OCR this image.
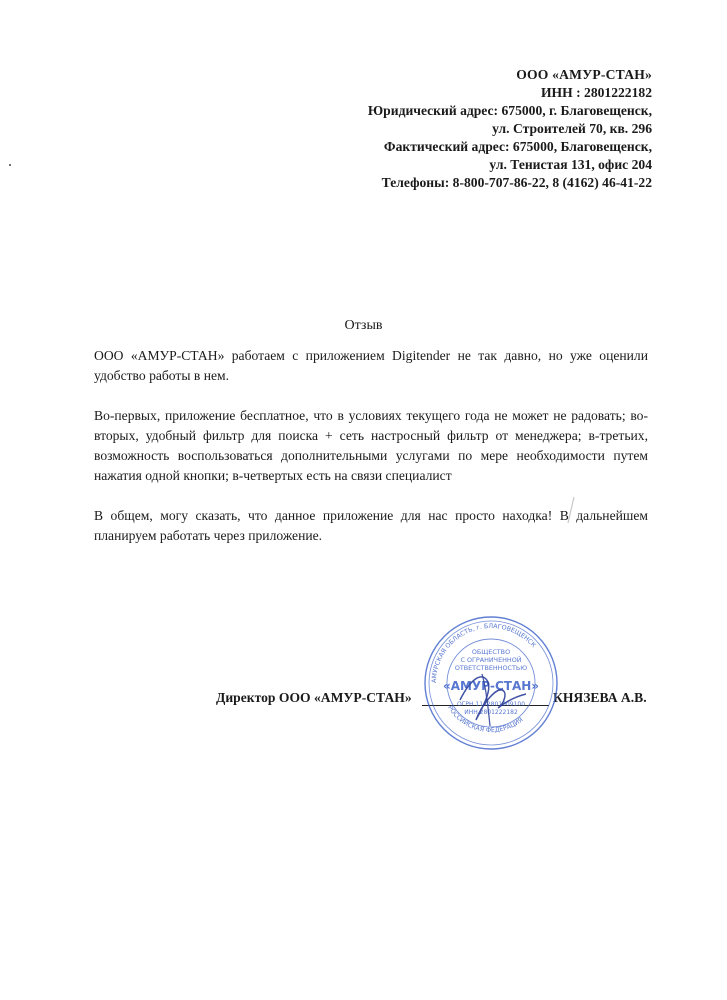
ООО «АМУР-СТАН»
ИНН : 2801222182
Юридический адрес: 675000, г. Благовещенск,
ул. Строителей 70, кв. 296
Фактический адрес: 675000, Благовещенск,
ул. Тенистая 131, офис 204
Телефоны: 8-800-707-86-22, 8 (4162) 46-41-22
Отзыв

ООО «АМУР-СТАН» работаем с приложением Digitender не так давно, но уже оценили удобство работы в нем.

Во-первых, приложение бесплатное, что в условиях текущего года не может не радовать; во-вторых, удобный фильтр для поиска + сеть настросный фильтр от менеджера; в-третьих, возможность воспользоваться дополнительными услугами по мере необходимости путем нажатия одной кнопки; в-четвертых есть на связи специалист

В общем, могу сказать, что данное приложение для нас просто находка! В дальнейшем планируем работать через приложение.

Директор ООО «АМУР-СТАН»	КНЯЗЕВА А.В.
АМУРСКАЯ ОБЛАСТЬ, г. БЛАГОВЕЩЕНСК
РОССИЙСКАЯ ФЕДЕРАЦИЯ
ОБЩЕСТВО
С ОГРАНИЧЕННОЙ
ОТВЕТСТВЕННОСТЬЮ
«АМУР-СТАН»
ОГРН 1142801009100
ИНН 2801222182
